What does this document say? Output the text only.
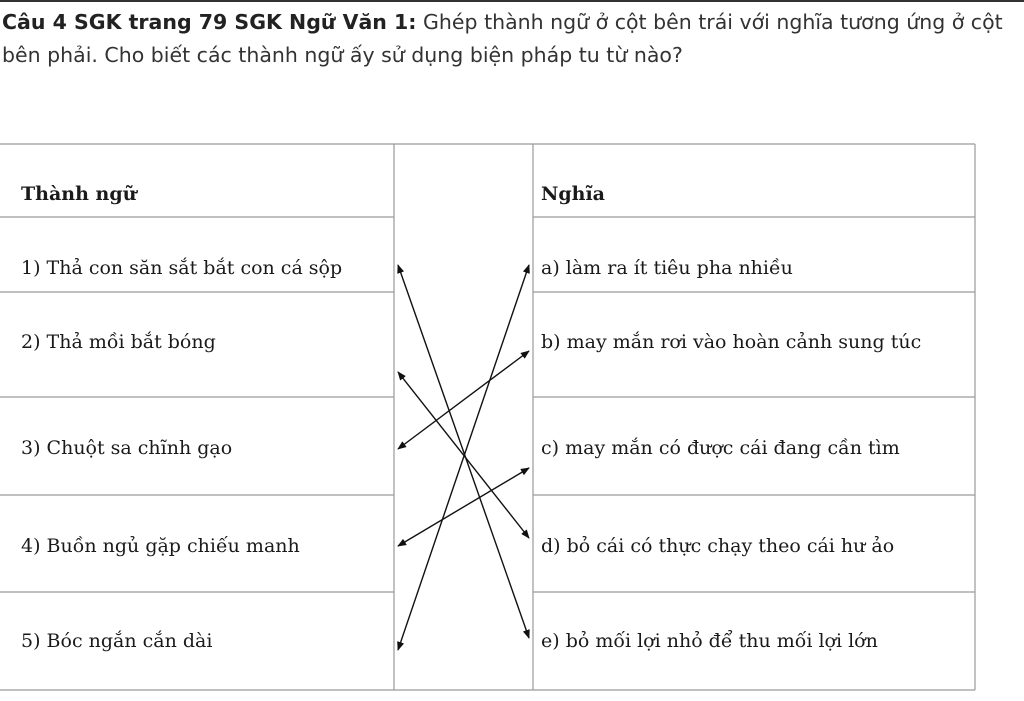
Câu 4 SGK trang 79 SGK Ngữ Văn 1: Ghép thành ngữ ở cột bên trái với nghĩa tương ứng ở cột bên phải. Cho biết các thành ngữ ấy sử dụng biện pháp tu từ nào?
Thành ngữ	Nghĩa
1) Thả con săn sắt bắt con cá sộp
2) Thả mồi bắt bóng
3) Chuột sa chĩnh gạo
4) Buồn ngủ gặp chiếu manh
5) Bóc ngắn cắn dài
a) làm ra ít tiêu pha nhiều
b) may mắn rơi vào hoàn cảnh sung túc
c) may mắn có được cái đang cần tìm
d) bỏ cái có thực chạy theo cái hư ảo
e) bỏ mối lợi nhỏ để thu mối lợi lớn
